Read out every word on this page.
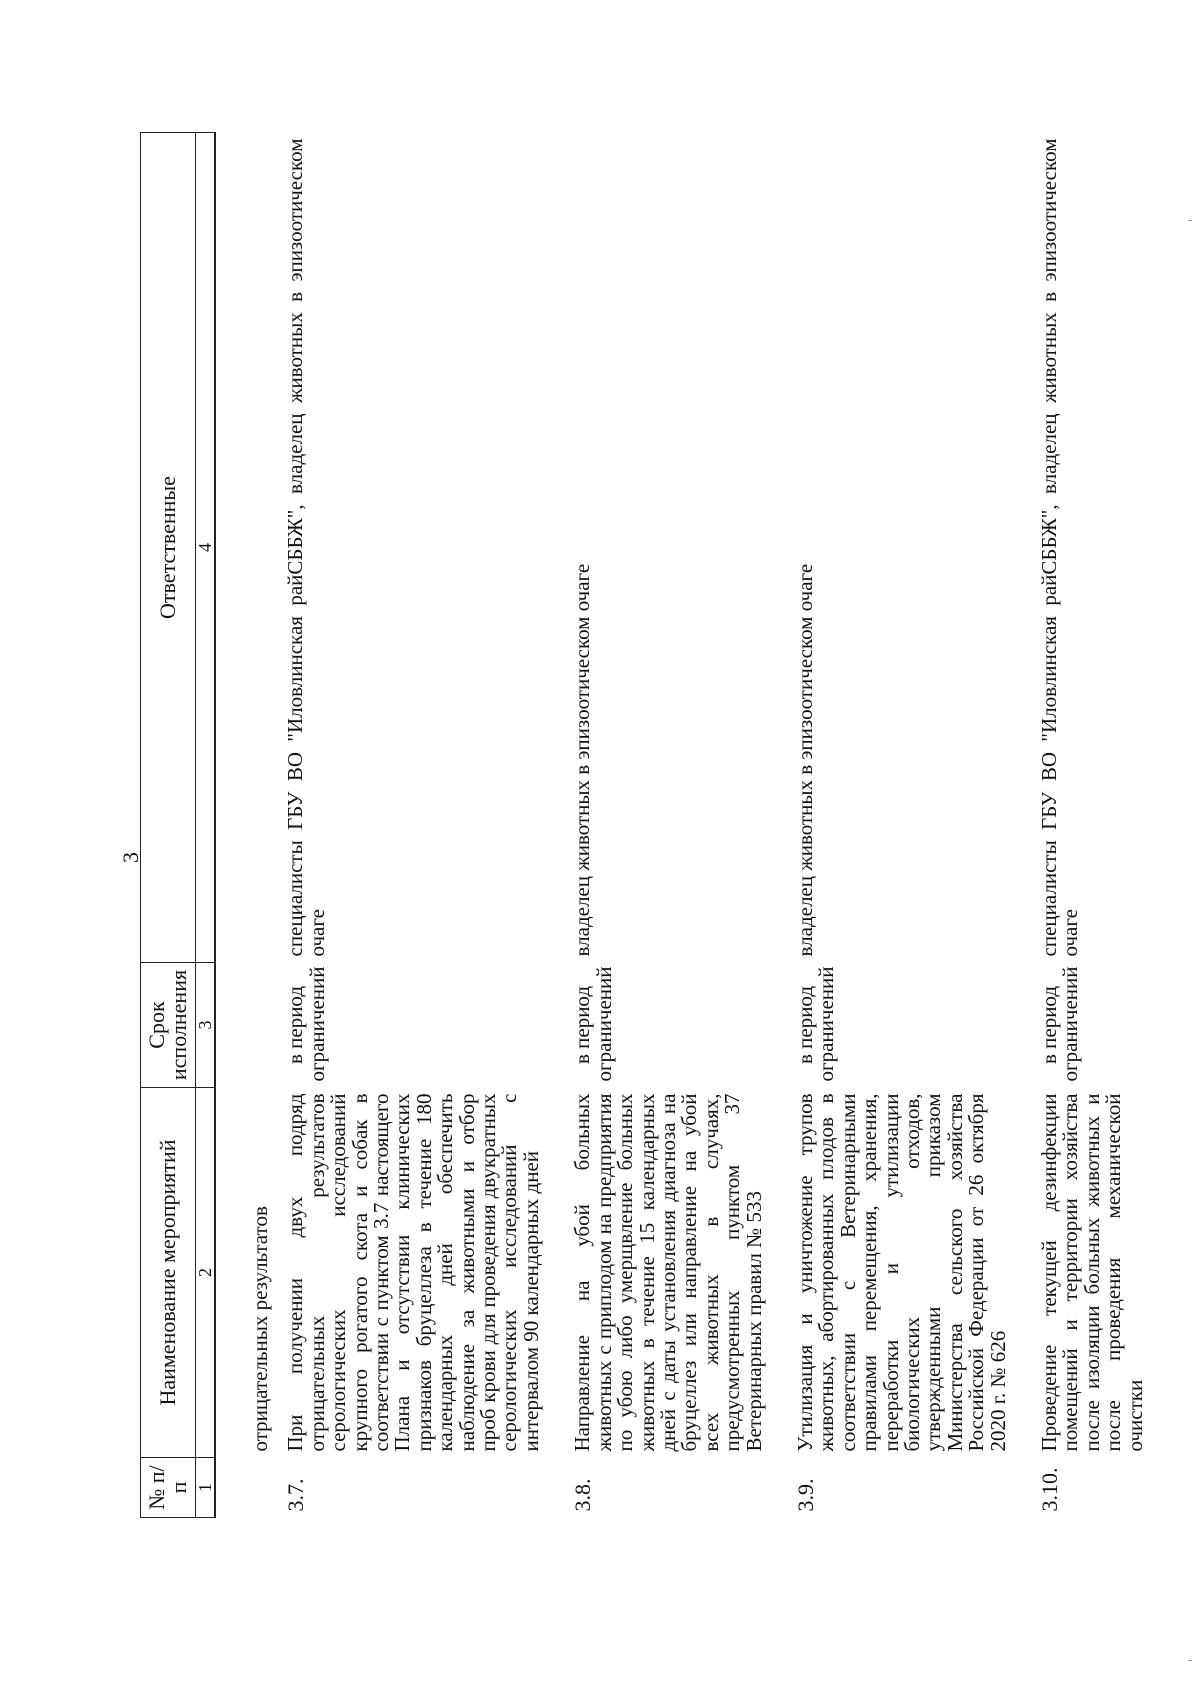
3
№ п/п	Наименование мероприятий	Срок исполнения	Ответственные
1	2	3	4
	отрицательных результатов		
3.7.	При получении двух подряд отрицательных результатов серологических исследований крупного рогатого скота и собак в соответствии с пунктом 3.7 настоящего Плана и отсутствии клинических признаков бруцеллеза в течение 180 календарных дней обеспечить наблюдение за животными и отбор проб крови для проведения двукратных серологических исследований с интервалом 90 календарных дней	в период ограничений	специалисты ГБУ ВО "Иловлинская райСББЖ", владелец животных в эпизоотическом очаге
3.8.	Направление на убой больных животных с приплодом на предприятия по убою либо умерщвление больных животных в течение 15 календарных дней с даты установления диагноза на бруцеллез или направление на убой всех животных в случаях, предусмотренных пунктом 37 Ветеринарных правил № 533	в период ограничений	владелец животных в эпизоотическом очаге
3.9.	Утилизация и уничтожение трупов животных, абортированных плодов в соответствии с Ветеринарными правилами перемещения, хранения, переработки и утилизации биологических отходов, утвержденными приказом Министерства сельского хозяйства Российской Федерации от 26 октября 2020 г. № 626	в период ограничений	владелец животных в эпизоотическом очаге
3.10.	Проведение текущей дезинфекции помещений и территории хозяйства после изоляции больных животных и после проведения механической очистки	в период ограничений	специалисты ГБУ ВО "Иловлинская райСББЖ", владелец животных в эпизоотическом очаге
